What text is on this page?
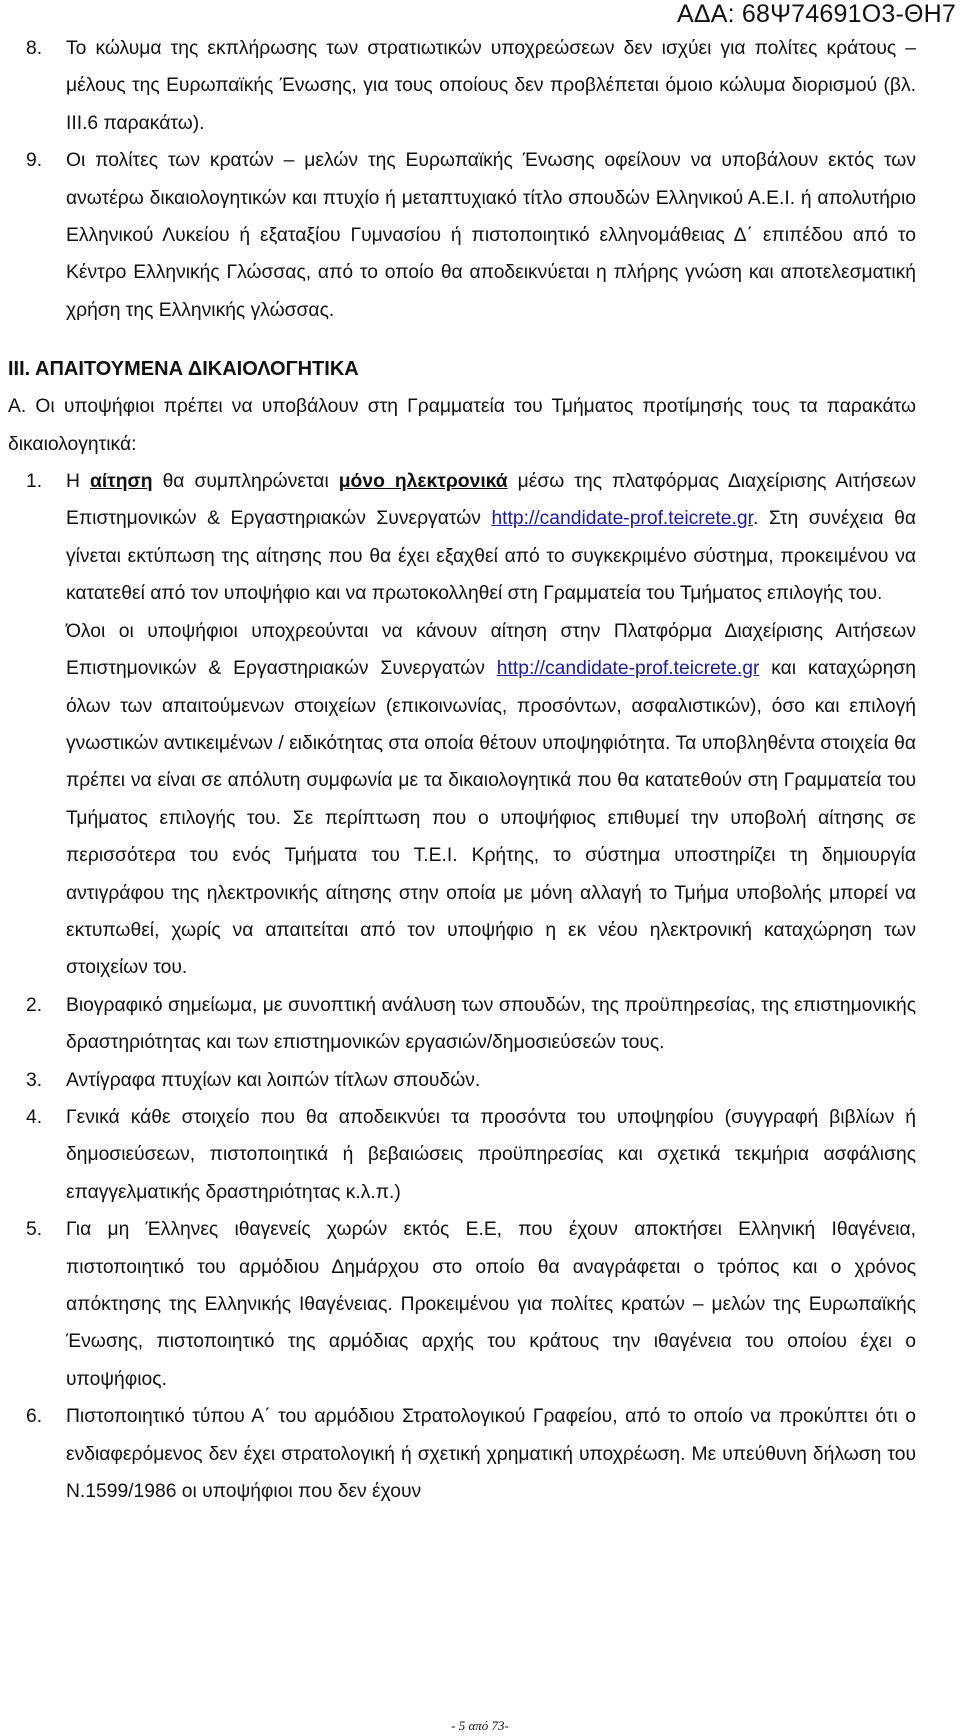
ΑΔΑ: 68Ψ74691Ο3-ΘΗ7
8.	Το κώλυμα της εκπλήρωσης των στρατιωτικών υποχρεώσεων δεν ισχύει για πολίτες κράτους – μέλους της Ευρωπαϊκής Ένωσης, για τους οποίους δεν προβλέπεται όμοιο κώλυμα διορισμού (βλ. ΙΙΙ.6 παρακάτω).
9.	Οι πολίτες των κρατών – μελών της Ευρωπαϊκής Ένωσης οφείλουν να υποβάλουν εκτός των ανωτέρω δικαιολογητικών και πτυχίο ή μεταπτυχιακό τίτλο σπουδών Ελληνικού Α.Ε.Ι. ή απολυτήριο Ελληνικού Λυκείου ή εξαταξίου Γυμνασίου ή πιστοποιητικό ελληνομάθειας Δ΄ επιπέδου από το Κέντρο Ελληνικής Γλώσσας, από το οποίο θα αποδεικνύεται η πλήρης γνώση και αποτελεσματική χρήση της Ελληνικής γλώσσας.
ΙΙΙ. ΑΠΑΙΤΟΥΜΕΝΑ ΔΙΚΑΙΟΛΟΓΗΤΙΚΑ
Α. Οι υποψήφιοι πρέπει να υποβάλουν στη Γραμματεία του Τμήματος προτίμησής τους τα παρακάτω δικαιολογητικά:
1.	Η αίτηση θα συμπληρώνεται μόνο ηλεκτρονικά μέσω της πλατφόρμας Διαχείρισης Αιτήσεων Επιστημονικών & Εργαστηριακών Συνεργατών http://candidate-prof.teicrete.gr. Στη συνέχεια θα γίνεται εκτύπωση της αίτησης που θα έχει εξαχθεί από το συγκεκριμένο σύστημα, προκειμένου να κατατεθεί από τον υποψήφιο και να πρωτοκολληθεί στη Γραμματεία του Τμήματος επιλογής του.
Όλοι οι υποψήφιοι υποχρεούνται να κάνουν αίτηση στην Πλατφόρμα Διαχείρισης Αιτήσεων Επιστημονικών & Εργαστηριακών Συνεργατών http://candidate-prof.teicrete.gr και καταχώρηση όλων των απαιτούμενων στοιχείων (επικοινωνίας, προσόντων, ασφαλιστικών), όσο και επιλογή γνωστικών αντικειμένων / ειδικότητας στα οποία θέτουν υποψηφιότητα. Τα υποβληθέντα στοιχεία θα πρέπει να είναι σε απόλυτη συμφωνία με τα δικαιολογητικά που θα κατατεθούν στη Γραμματεία του Τμήματος επιλογής του. Σε περίπτωση που ο υποψήφιος επιθυμεί την υποβολή αίτησης σε περισσότερα του ενός Τμήματα του Τ.Ε.Ι. Κρήτης, το σύστημα υποστηρίζει τη δημιουργία αντιγράφου της ηλεκτρονικής αίτησης στην οποία με μόνη αλλαγή το Τμήμα υποβολής μπορεί να εκτυπωθεί, χωρίς να απαιτείται από τον υποψήφιο η εκ νέου ηλεκτρονική καταχώρηση των στοιχείων του.
2.	Βιογραφικό σημείωμα, με συνοπτική ανάλυση των σπουδών, της προϋπηρεσίας, της επιστημονικής δραστηριότητας και των επιστημονικών εργασιών/δημοσιεύσεών τους.
3.	Αντίγραφα πτυχίων και λοιπών τίτλων σπουδών.
4.	Γενικά κάθε στοιχείο που θα αποδεικνύει τα προσόντα του υποψηφίου (συγγραφή βιβλίων ή δημοσιεύσεων, πιστοποιητικά ή βεβαιώσεις προϋπηρεσίας και σχετικά τεκμήρια ασφάλισης επαγγελματικής δραστηριότητας κ.λ.π.)
5.	Για μη Έλληνες ιθαγενείς χωρών εκτός Ε.Ε, που έχουν αποκτήσει Ελληνική Ιθαγένεια, πιστοποιητικό του αρμόδιου Δημάρχου στο οποίο θα αναγράφεται ο τρόπος και ο χρόνος απόκτησης της Ελληνικής Ιθαγένειας. Προκειμένου για πολίτες κρατών – μελών της Ευρωπαϊκής Ένωσης, πιστοποιητικό της αρμόδιας αρχής του κράτους την ιθαγένεια του οποίου έχει ο υποψήφιος.
6.	Πιστοποιητικό τύπου Α΄ του αρμόδιου Στρατολογικού Γραφείου, από το οποίο να προκύπτει ότι ο ενδιαφερόμενος δεν έχει στρατολογική ή σχετική χρηματική υποχρέωση. Με υπεύθυνη δήλωση του Ν.1599/1986 οι υποψήφιοι που δεν έχουν
- 5 από 73-
